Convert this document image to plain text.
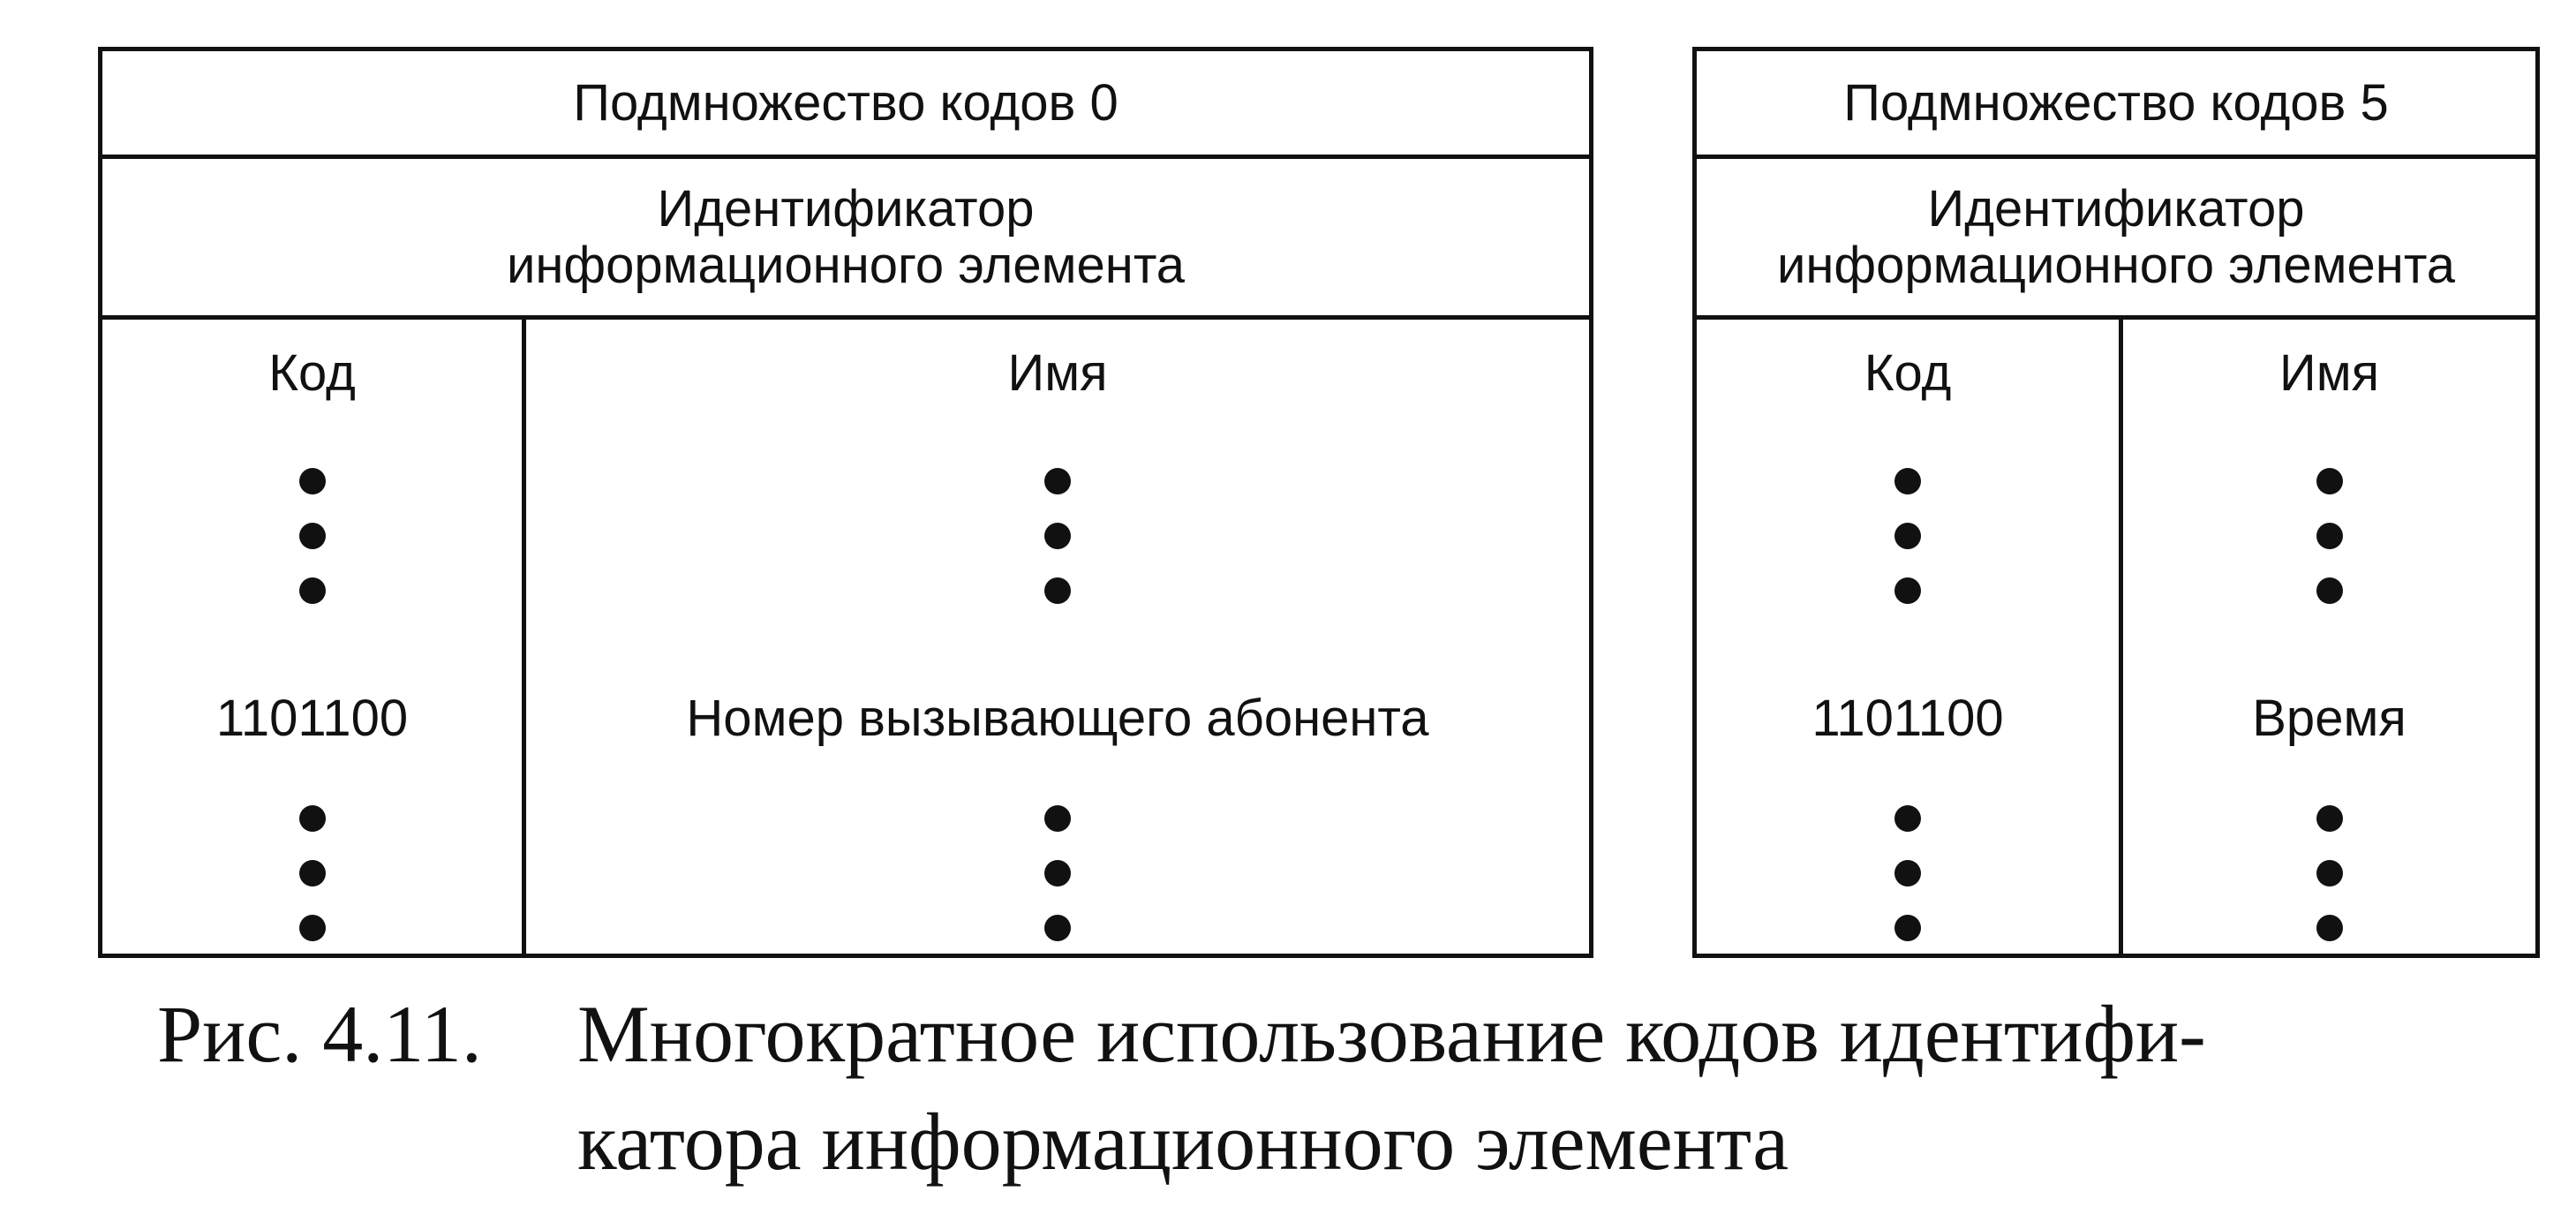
Подмножество кодов 0
Идентификатор
информационного элемента
Код
1101100
Имя
Номер вызывающего абонента
Подмножество кодов 5
Идентификатор
информационного элемента
Код
1101100
Имя
Время
Рис. 4.11. Многократное использование кодов идентифи-
катора информационного элемента
